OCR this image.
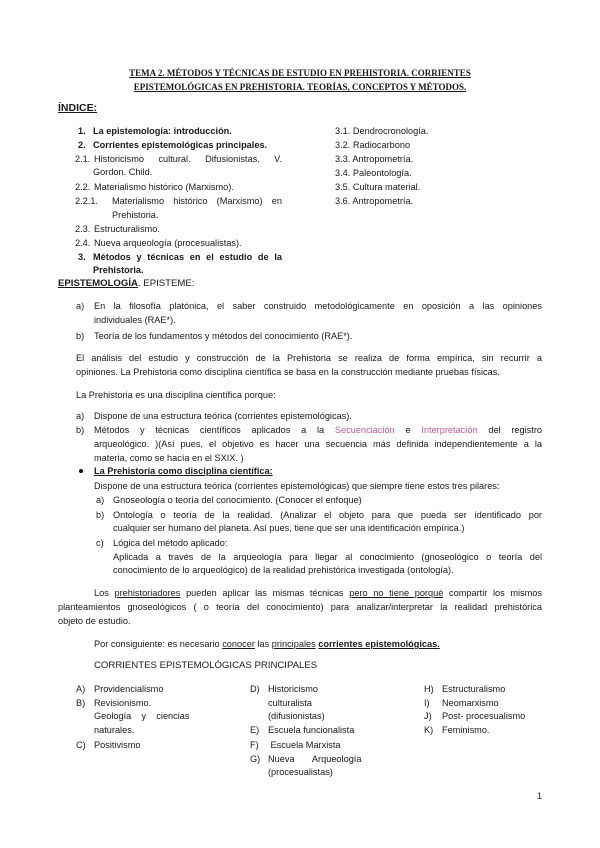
TEMA 2. MÉTODOS Y TÉCNICAS DE ESTUDIO EN PREHISTORIA. CORRIENTES
EPISTEMOLÓGICAS EN PREHISTORIA. TEORÍAS, CONCEPTOS Y MÉTODOS.
ÍNDICE:
1. La epistemología: introducción.
2. Corrientes epistemológicas principales.
2.1. Historicismo cultural. Difusionistas. V.
Gordon. Child.
2.2. Materialismo histórico (Marxismo).
2.2.1. Materialismo histórico (Marxismo) en
Prehistoria.
2.3. Estructuralismo.
2.4. Nueva arqueología (procesualistas).
3. Métodos y técnicas en el estudio de la
Prehistoria.
3.1. Dendrocronología.
3.2. Radiocarbono
3.3. Antropometría.
3.4. Paleontología.
3.5. Cultura material.
3.6. Antropometría.
EPISTEMOLOGÍA. EPISTEME:
a) En la filosofía platónica, el saber construido metodológicamente en oposición a las opiniones
individuales (RAE*).
b) Teoría de los fundamentos y métodos del conocimiento (RAE*).
El análisis del estudio y construcción de la Prehistoria se realiza de forma empírica, sin recurrir a
opiniones. La Prehistoria como disciplina científica se basa en la construcción mediante pruebas físicas.
La Prehistoria es una disciplina científica porque:
a) Dispone de una estructura teórica (corrientes epistemológicas).
b) Métodos y técnicas científicos aplicados a la Secuenciación e Interpretación del registro
arqueológico. )(Así pues, el objetivo es hacer una secuencia más definida independientemente a la
materia, como se hacía en el SXIX. )
La Prehistoria como disciplina científica:
Dispone de una estructura teórica (corrientes epistemológicas) que siempre tiene estos tres pilares:
a) Gnoseología o teoría del conocimiento. (Conocer el enfoque)
b) Ontología o teoría de la realidad. (Analizar el objeto para que pueda ser identificado por
cualquier ser humano del planeta. Así pues, tiene que ser una identificación empírica.)
c) Lógica del método aplicado:
Aplicada a través de la arqueología para llegar al conocimiento (gnoseológico o teoría del
conocimiento de lo arqueológico) de la realidad prehistórica investigada (ontología).
Los prehistoriadores pueden aplicar las mismas técnicas pero no tiene porqué compartir los mismos
planteamientos gnoseológicos ( o teoría del conocimiento) para analizar/interpretar la realidad prehistórica
objeto de estudio.
Por consiguiente: es necesario conocer las principales corrientes epistemológicas.
CORRIENTES EPISTEMOLÓGICAS PRINCIPALES
A) Providencialismo
B) Revisionismo.
Geología    y    ciencias
naturales.
C) Positivismo
D) Historicismo
culturalista
(difusionistas)
E) Escuela funcionalista
F) Escuela Marxista
G) Nueva       Arqueología
(procesualistas)
H) Estructuralismo
I) Neomarxismo
J) Post- procesualismo
K) Feminismo.
1
